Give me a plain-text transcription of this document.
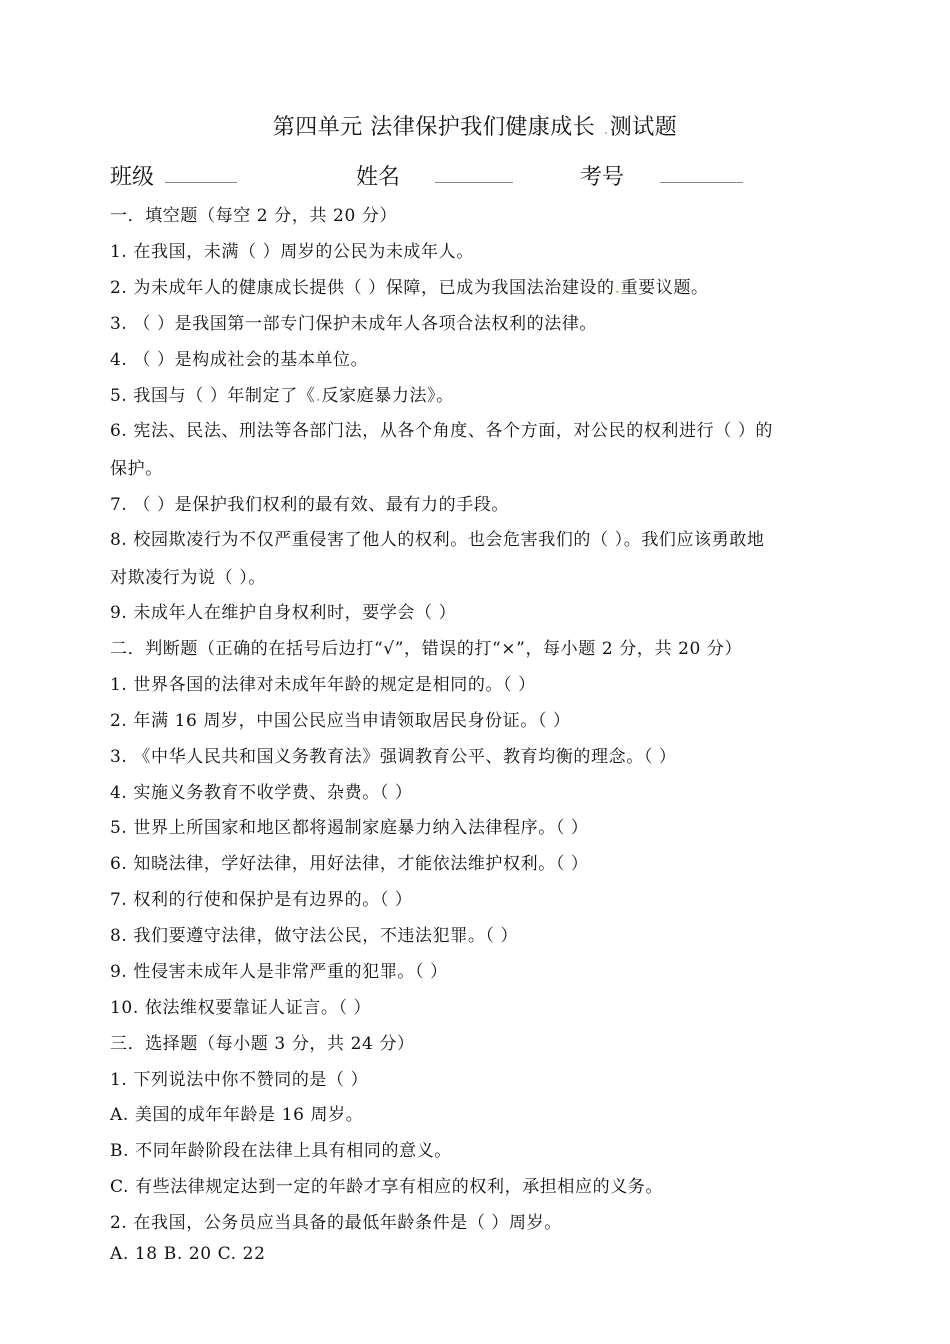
第四单元 法律保护我们健康成长 .测试题
班级	姓名	考号
一．填空题（每空 2 分，共 20 分）
1. 在我国，未满（ ）周岁的公民为未成年人。
2. 为未成年人的健康成长提供（ ）保障，已成为我国法治建设的.重要议题。
3. （ ）是我国第一部专门保护未成年人各项合法权利的法律。
4. （ ）是构成社会的基本单位。
5. 我国与（ ）年制定了《.反家庭暴力法》。
6. 宪法、民法、刑法等各部门法，从各个角度、各个方面，对公民的权利进行（ ）的
保护。
7. （ ）是保护我们权利的最有效、最有力的手段。
8. 校园欺凌行为不仅严重侵害了他人的权利。也会危害我们的（ ）。我们应该勇敢地
对欺凌行为说（ ）。
9. 未成年人在维护自身权利时，要学会（ ）
二．判断题（正确的在括号后边打“√”，错误的打“×”，每小题 2 分，共 20 分）
1. 世界各国的法律对未成年年龄的规定是相同的。（ ）
2. 年满 16 周岁，中国公民应当申请领取居民身份证。（ ）
3. 《中华人民共和国义务教育法》强调教育公平、教育均衡的理念。（ ）
4. 实施义务教育不收学费、杂费。（ ）
5. 世界上所国家和地区都将遏制家庭暴力纳入法律程序。（ ）
6. 知晓法律，学好法律，用好法律，才能依法维护权利。（ ）
7. 权利的行使和保护是有边界的。（ ）
8. 我们要遵守法律，做守法公民，不违法犯罪。（ ）
9. 性侵害未成年人是非常严重的犯罪。（ ）
10. 依法维权要靠证人证言。（ ）
三．选择题（每小题 3 分，共 24 分）
1. 下列说法中你不赞同的是（ ）
A. 美国的成年年龄是 16 周岁。
B. 不同年龄阶段在法律上具有相同的意义。
C. 有些法律规定达到一定的年龄才享有相应的权利，承担相应的义务。
2. 在我国，公务员应当具备的最低年龄条件是（ ）周岁。
A. 18 B. 20 C. 22
